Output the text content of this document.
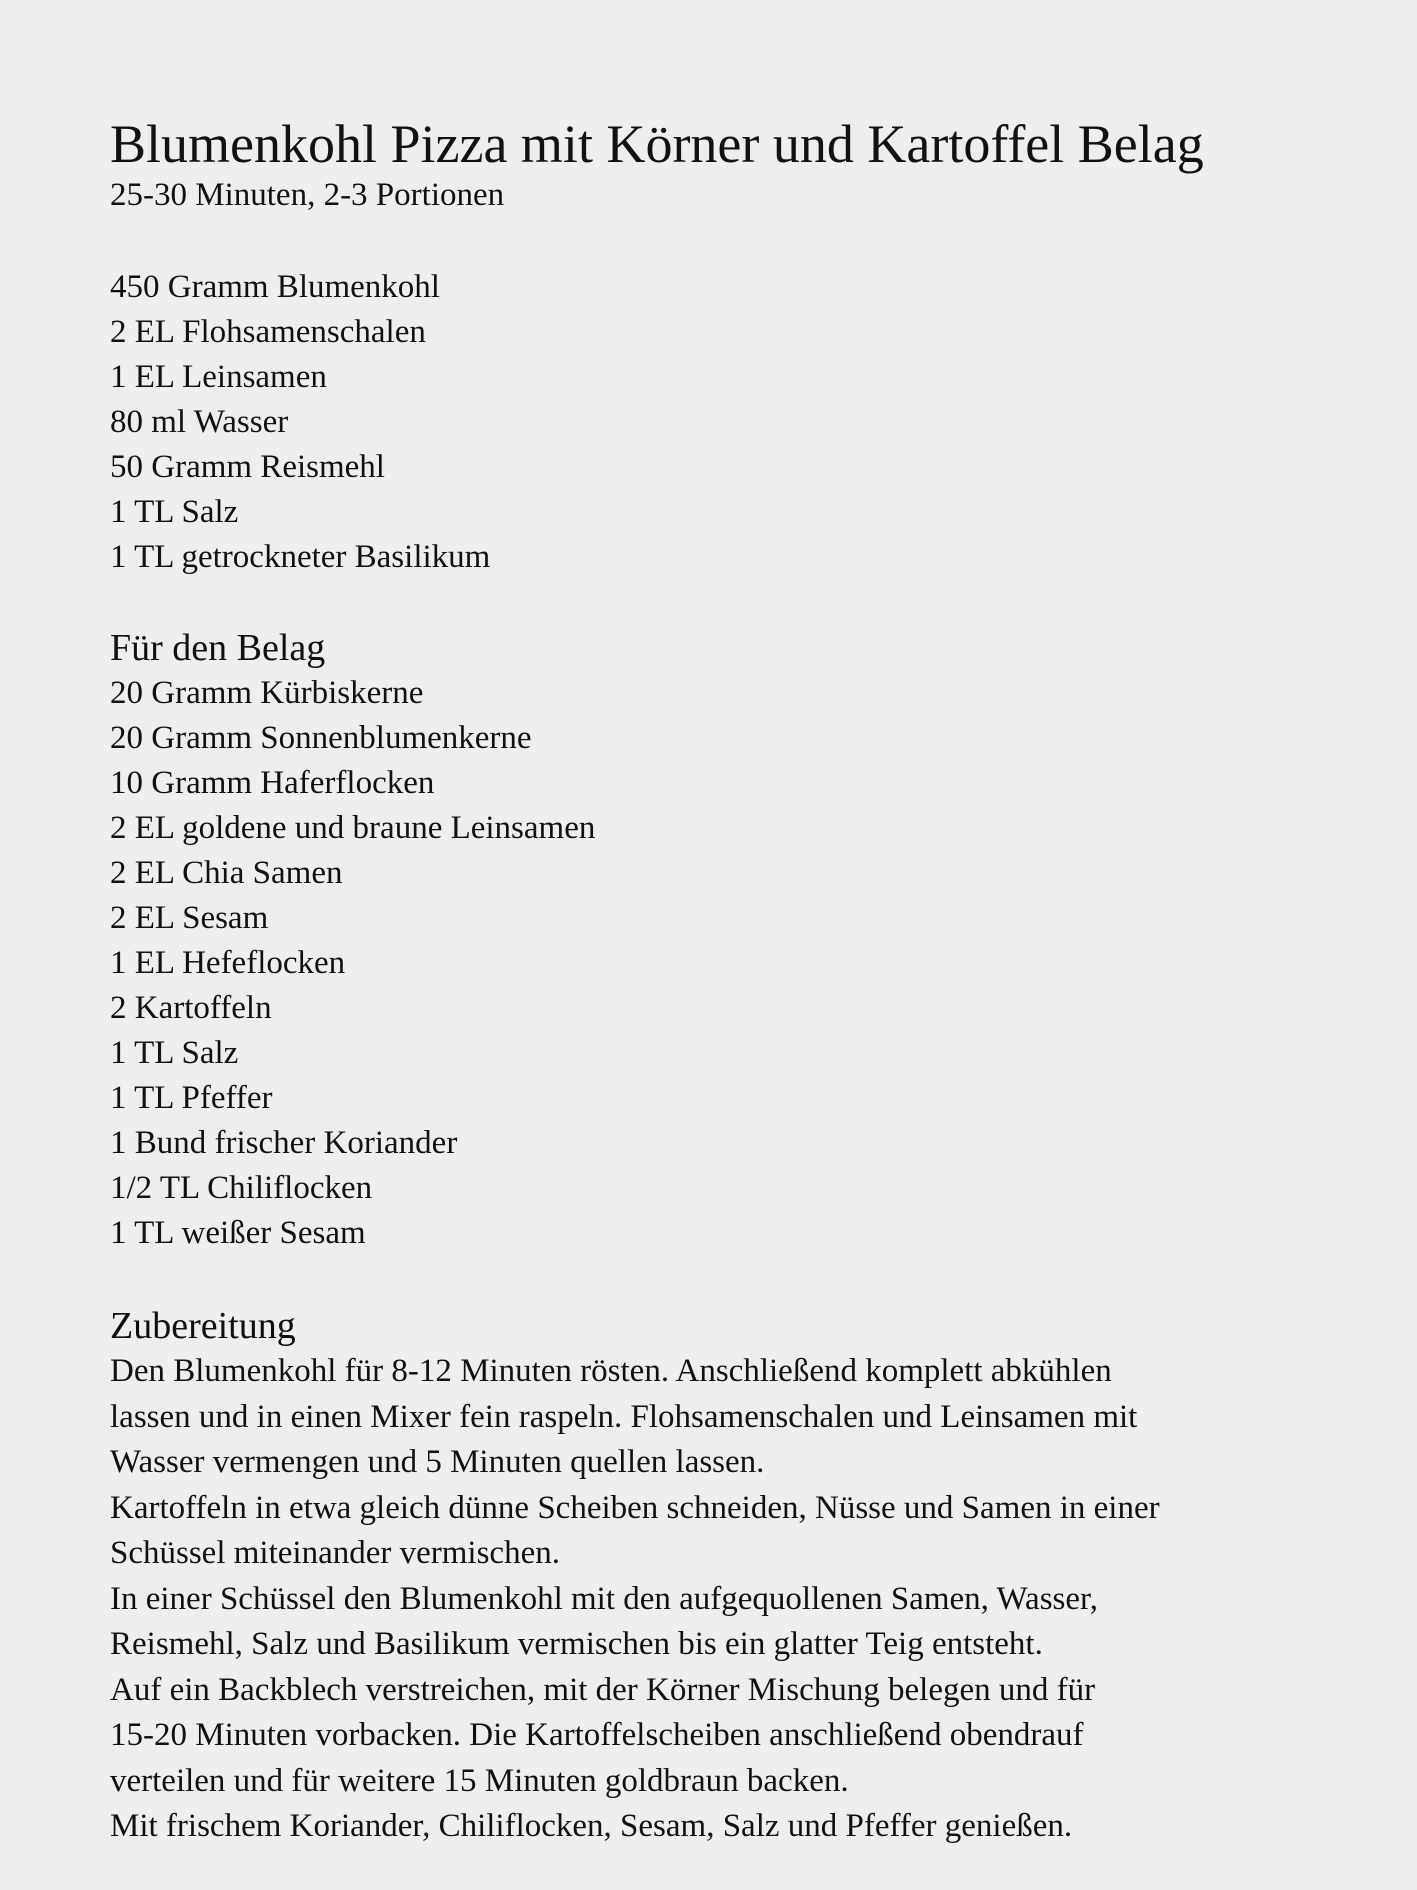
Blumenkohl Pizza mit Körner und Kartoffel Belag

25-30 Minuten, 2-3 Portionen

450 Gramm Blumenkohl
2 EL Flohsamenschalen
1 EL Leinsamen
80 ml Wasser
50 Gramm Reismehl
1 TL Salz
1 TL getrockneter Basilikum
Für den Belag
20 Gramm Kürbiskerne
20 Gramm Sonnenblumenkerne
10 Gramm Haferflocken
2 EL goldene und braune Leinsamen
2 EL Chia Samen
2 EL Sesam
1 EL Hefeflocken
2 Kartoffeln
1 TL Salz
1 TL Pfeffer
1 Bund frischer Koriander
1/2 TL Chiliflocken
1 TL weißer Sesam
Zubereitung

Den Blumenkohl für 8-12 Minuten rösten. Anschließend komplett abkühlen

lassen und in einen Mixer fein raspeln. Flohsamenschalen und Leinsamen mit

Wasser vermengen und 5 Minuten quellen lassen.

Kartoffeln in etwa gleich dünne Scheiben schneiden, Nüsse und Samen in einer

Schüssel miteinander vermischen.

In einer Schüssel den Blumenkohl mit den aufgequollenen Samen, Wasser,

Reismehl, Salz und Basilikum vermischen bis ein glatter Teig entsteht.

Auf ein Backblech verstreichen, mit der Körner Mischung belegen und für

15-20 Minuten vorbacken. Die Kartoffelscheiben anschließend obendrauf

verteilen und für weitere 15 Minuten goldbraun backen.

Mit frischem Koriander, Chiliflocken, Sesam, Salz und Pfeffer genießen.
